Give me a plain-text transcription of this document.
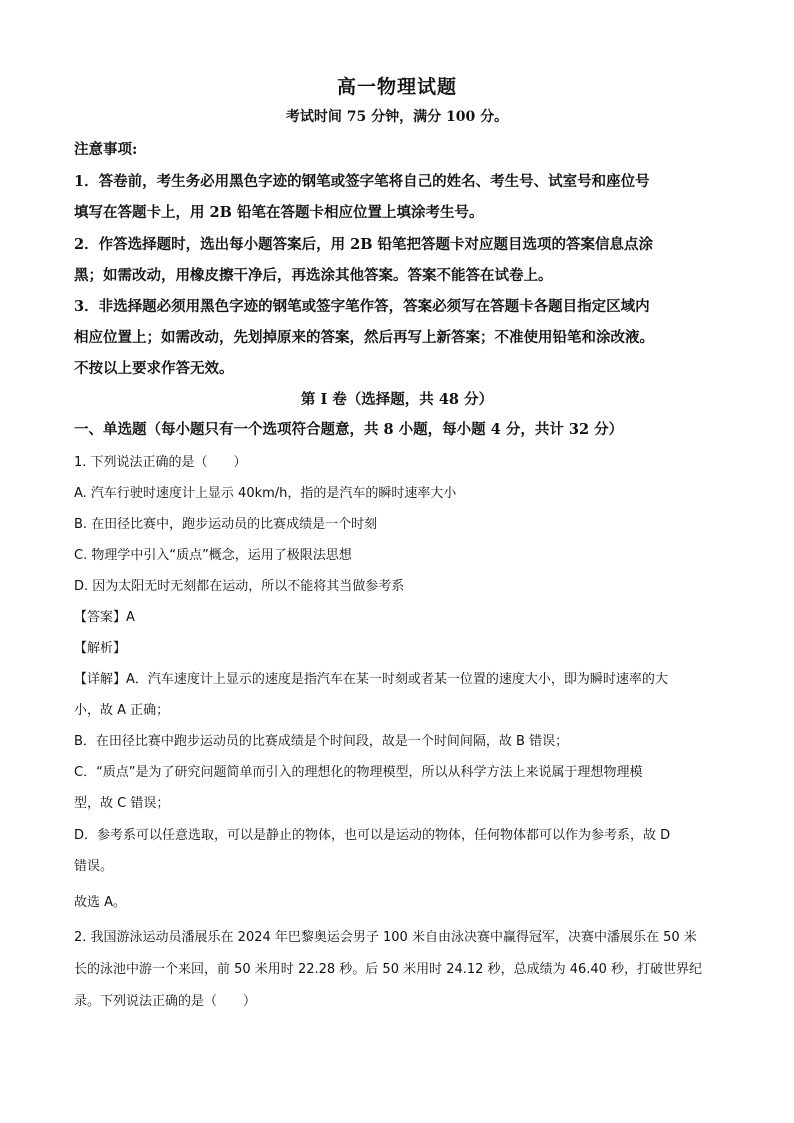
高一物理试题
考试时间 75 分钟，满分 100 分。
注意事项:
1．答卷前，考生务必用黑色字迹的钢笔或签字笔将自己的姓名、考生号、试室号和座位号
填写在答题卡上，用 2B 铅笔在答题卡相应位置上填涂考生号。
2．作答选择题时，选出每小题答案后，用 2B 铅笔把答题卡对应题目选项的答案信息点涂
黑；如需改动，用橡皮擦干净后，再选涂其他答案。答案不能答在试卷上。
3．非选择题必须用黑色字迹的钢笔或签字笔作答，答案必须写在答题卡各题目指定区域内
相应位置上；如需改动，先划掉原来的答案，然后再写上新答案；不准使用铅笔和涂改液。
不按以上要求作答无效。
第 I 卷（选择题，共 48 分）
一、单选题（每小题只有一个选项符合题意，共 8 小题，每小题 4 分，共计 32 分）
1. 下列说法正确的是（　　）
A. 汽车行驶时速度计上显示 40km/h，指的是汽车的瞬时速率大小
B. 在田径比赛中，跑步运动员的比赛成绩是一个时刻
C. 物理学中引入“质点”概念，运用了极限法思想
D. 因为太阳无时无刻都在运动，所以不能将其当做参考系
【答案】A
【解析】
【详解】A．汽车速度计上显示的速度是指汽车在某一时刻或者某一位置的速度大小，即为瞬时速率的大
小，故 A 正确；
B．在田径比赛中跑步运动员的比赛成绩是个时间段，故是一个时间间隔，故 B 错误；
C．“质点”是为了研究问题简单而引入的理想化的物理模型，所以从科学方法上来说属于理想物理模
型，故 C 错误；
D．参考系可以任意选取，可以是静止的物体，也可以是运动的物体，任何物体都可以作为参考系，故 D
错误。
故选 A。
2. 我国游泳运动员潘展乐在 2024 年巴黎奥运会男子 100 米自由泳决赛中赢得冠军，决赛中潘展乐在 50 米
长的泳池中游一个来回，前 50 米用时 22.28 秒。后 50 米用时 24.12 秒，总成绩为 46.40 秒，打破世界纪
录。下列说法正确的是（　　）
